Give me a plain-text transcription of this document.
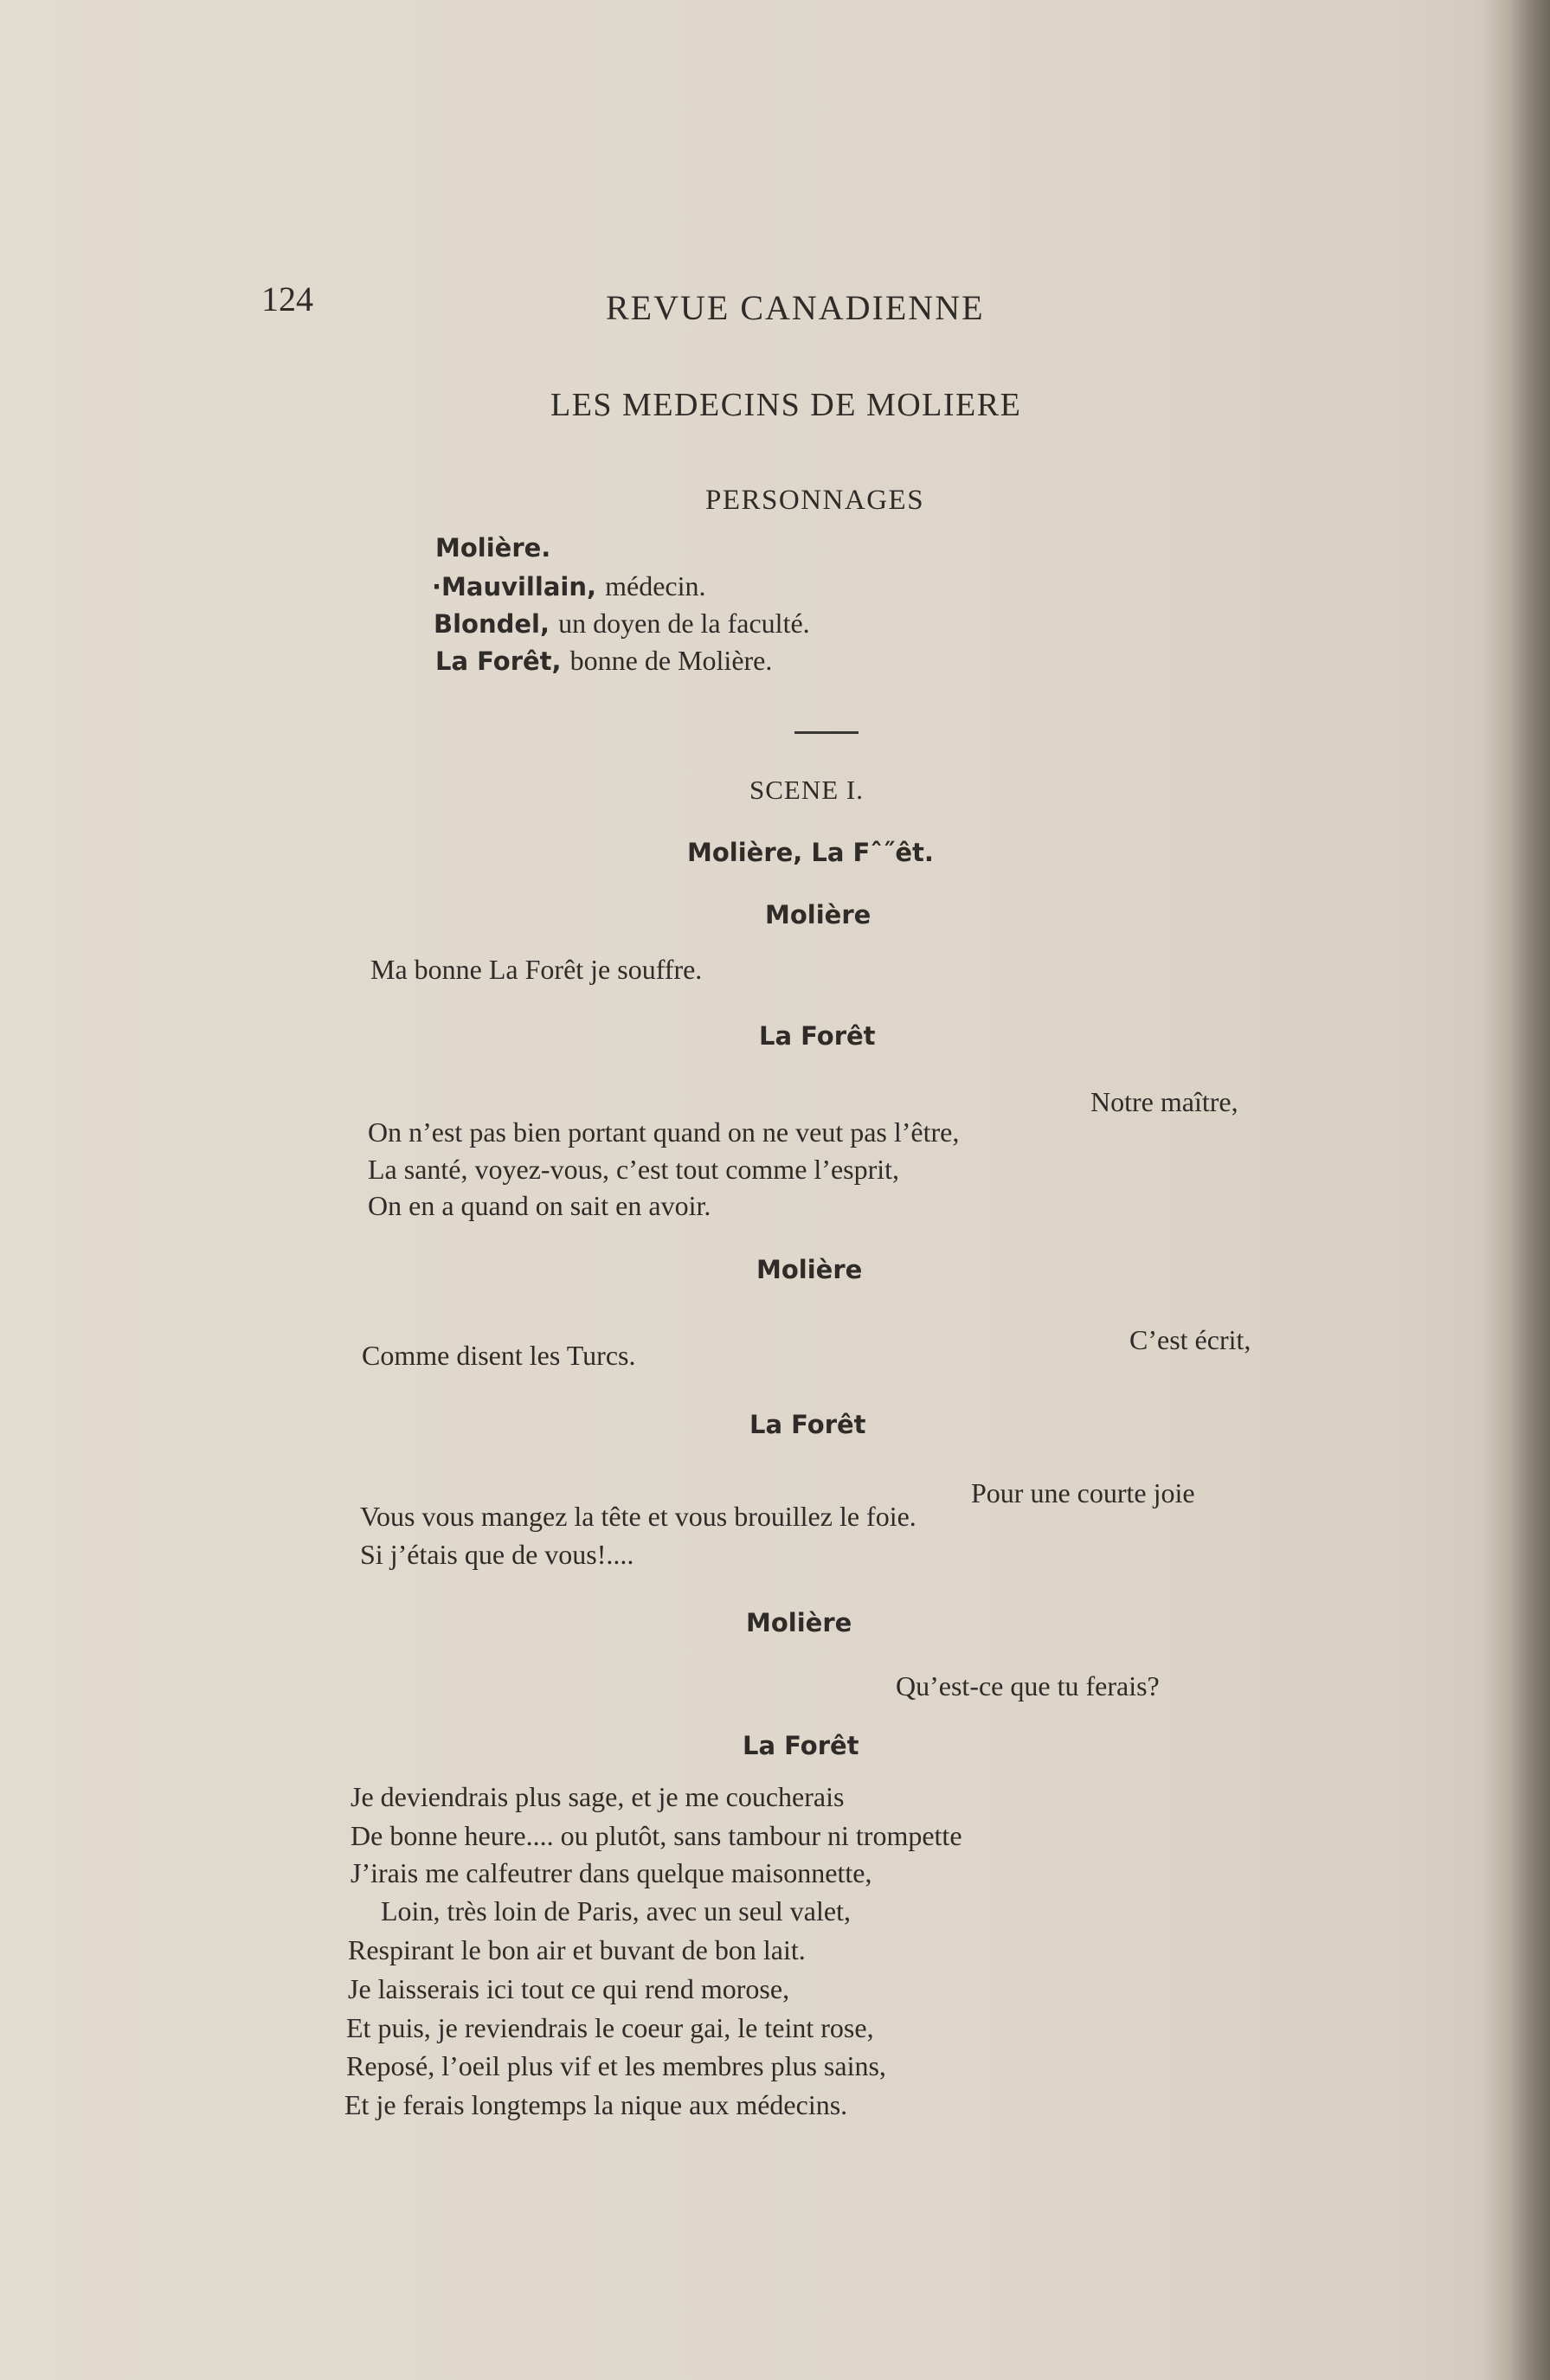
124	REVUE CANADIENNE
LES MEDECINS DE MOLIERE
PERSONNAGES
Molière.
·Mauvillain, médecin.
Blondel, un doyen de la faculté.
La Forêt, bonne de Molière.
SCENE I.
Molière, La Fˆ˝êt.
Molière
Ma bonne La Forêt je souffre.
La Forêt
Notre maître,
On n’est pas bien portant quand on ne veut pas l’être,
La santé, voyez-vous, c’est tout comme l’esprit,
On en a quand on sait en avoir.
Molière
C’est écrit,
Comme disent les Turcs.
La Forêt
Pour une courte joie
Vous vous mangez la tête et vous brouillez le foie.
Si j’étais que de vous!....
Molière
Qu’est-ce que tu ferais?
La Forêt
Je deviendrais plus sage, et je me coucherais
De bonne heure.... ou plutôt, sans tambour ni trompette
J’irais me calfeutrer dans quelque maisonnette,
Loin, très loin de Paris, avec un seul valet,
Respirant le bon air et buvant de bon lait.
Je laisserais ici tout ce qui rend morose,
Et puis, je reviendrais le coeur gai, le teint rose,
Reposé, l’oeil plus vif et les membres plus sains,
Et je ferais longtemps la nique aux médecins.
